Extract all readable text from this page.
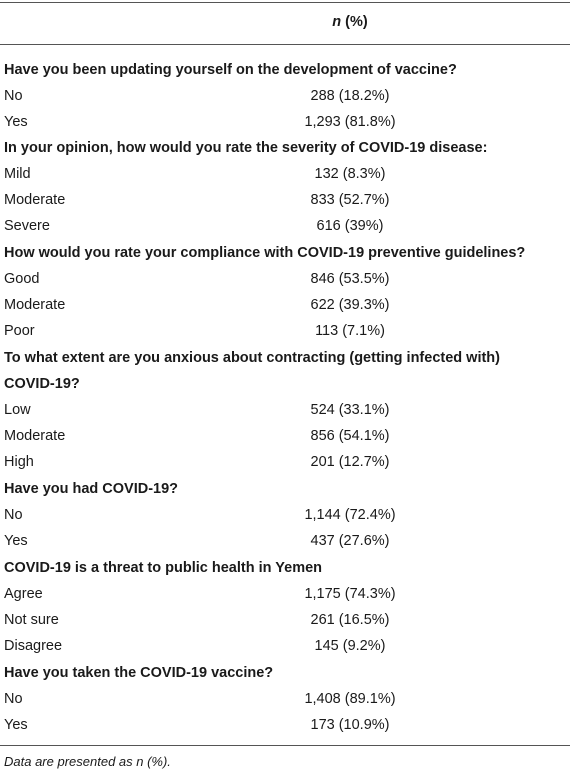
n (%)
Have you been updating yourself on the development of vaccine?
No	288 (18.2%)
Yes	1,293 (81.8%)
In your opinion, how would you rate the severity of COVID-19 disease:
Mild	132 (8.3%)
Moderate	833 (52.7%)
Severe	616 (39%)
How would you rate your compliance with COVID-19 preventive guidelines?
Good	846 (53.5%)
Moderate	622 (39.3%)
Poor	113 (7.1%)
To what extent are you anxious about contracting (getting infected with)
COVID-19?
Low	524 (33.1%)
Moderate	856 (54.1%)
High	201 (12.7%)
Have you had COVID-19?
No	1,144 (72.4%)
Yes	437 (27.6%)
COVID-19 is a threat to public health in Yemen
Agree	1,175 (74.3%)
Not sure	261 (16.5%)
Disagree	145 (9.2%)
Have you taken the COVID-19 vaccine?
No	1,408 (89.1%)
Yes	173 (10.9%)
Data are presented as n (%).
